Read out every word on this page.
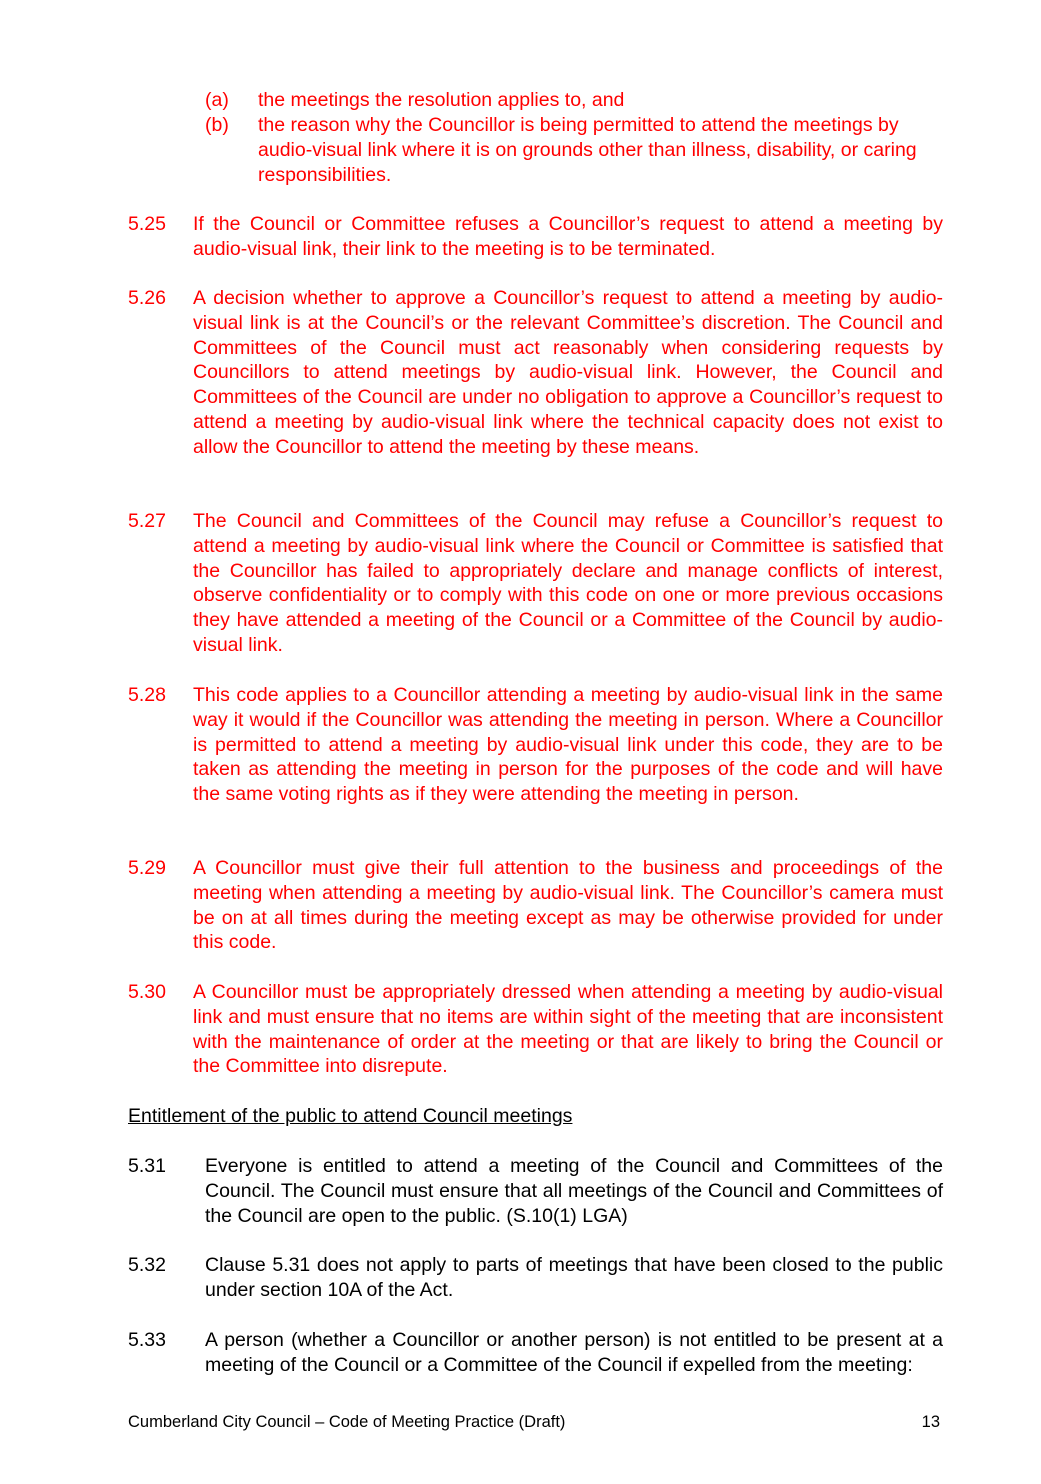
(a) the meetings the resolution applies to, and
(b) the reason why the Councillor is being permitted to attend the meetings by audio-visual link where it is on grounds other than illness, disability, or caring responsibilities.
5.25 If the Council or Committee refuses a Councillor’s request to attend a meeting by audio-visual link, their link to the meeting is to be terminated.
5.26 A decision whether to approve a Councillor’s request to attend a meeting by audio-visual link is at the Council’s or the relevant Committee’s discretion. The Council and Committees of the Council must act reasonably when considering requests by Councillors to attend meetings by audio-visual link. However, the Council and Committees of the Council are under no obligation to approve a Councillor’s request to attend a meeting by audio-visual link where the technical capacity does not exist to allow the Councillor to attend the meeting by these means.
5.27 The Council and Committees of the Council may refuse a Councillor’s request to attend a meeting by audio-visual link where the Council or Committee is satisfied that the Councillor has failed to appropriately declare and manage conflicts of interest, observe confidentiality or to comply with this code on one or more previous occasions they have attended a meeting of the Council or a Committee of the Council by audio-visual link.
5.28 This code applies to a Councillor attending a meeting by audio-visual link in the same way it would if the Councillor was attending the meeting in person. Where a Councillor is permitted to attend a meeting by audio-visual link under this code, they are to be taken as attending the meeting in person for the purposes of the code and will have the same voting rights as if they were attending the meeting in person.
5.29 A Councillor must give their full attention to the business and proceedings of the meeting when attending a meeting by audio-visual link. The Councillor’s camera must be on at all times during the meeting except as may be otherwise provided for under this code.
5.30 A Councillor must be appropriately dressed when attending a meeting by audio-visual link and must ensure that no items are within sight of the meeting that are inconsistent with the maintenance of order at the meeting or that are likely to bring the Council or the Committee into disrepute.
Entitlement of the public to attend Council meetings
5.31 Everyone is entitled to attend a meeting of the Council and Committees of the Council. The Council must ensure that all meetings of the Council and Committees of the Council are open to the public. (S.10(1) LGA)
5.32 Clause 5.31 does not apply to parts of meetings that have been closed to the public under section 10A of the Act.
5.33 A person (whether a Councillor or another person) is not entitled to be present at a meeting of the Council or a Committee of the Council if expelled from the meeting:
Cumberland City Council – Code of Meeting Practice (Draft)	13
